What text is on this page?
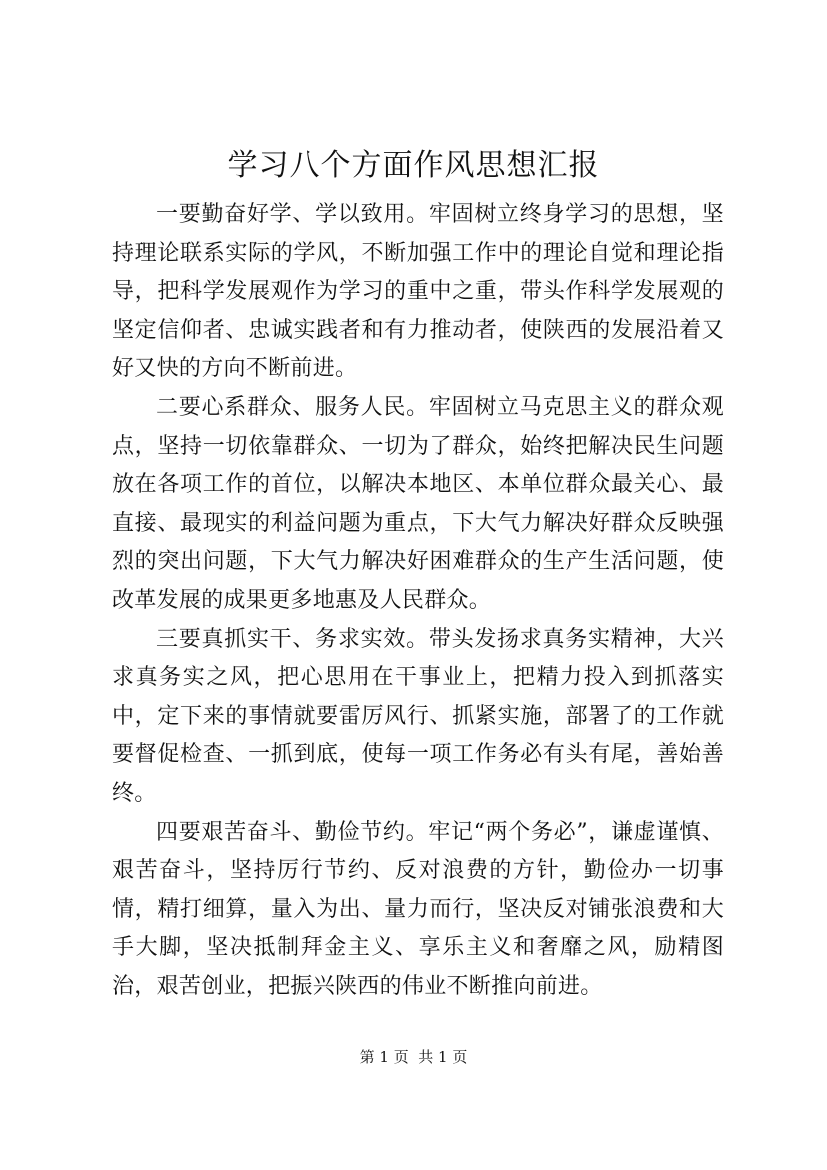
学习八个方面作风思想汇报

一要勤奋好学、学以致用。牢固树立终身学习的思想，坚持理论联系实际的学风，不断加强工作中的理论自觉和理论指导，把科学发展观作为学习的重中之重，带头作科学发展观的坚定信仰者、忠诚实践者和有力推动者，使陕西的发展沿着又好又快的方向不断前进。

二要心系群众、服务人民。牢固树立马克思主义的群众观点，坚持一切依靠群众、一切为了群众，始终把解决民生问题放在各项工作的首位，以解决本地区、本单位群众最关心、最直接、最现实的利益问题为重点，下大气力解决好群众反映强烈的突出问题，下大气力解决好困难群众的生产生活问题，使改革发展的成果更多地惠及人民群众。

三要真抓实干、务求实效。带头发扬求真务实精神，大兴求真务实之风，把心思用在干事业上，把精力投入到抓落实中，定下来的事情就要雷厉风行、抓紧实施，部署了的工作就要督促检查、一抓到底，使每一项工作务必有头有尾，善始善终。

四要艰苦奋斗、勤俭节约。牢记“两个务必”，谦虚谨慎、艰苦奋斗，坚持厉行节约、反对浪费的方针，勤俭办一切事情，精打细算，量入为出、量力而行，坚决反对铺张浪费和大手大脚，坚决抵制拜金主义、享乐主义和奢靡之风，励精图治，艰苦创业，把振兴陕西的伟业不断推向前进。

第 1 页  共 1 页
